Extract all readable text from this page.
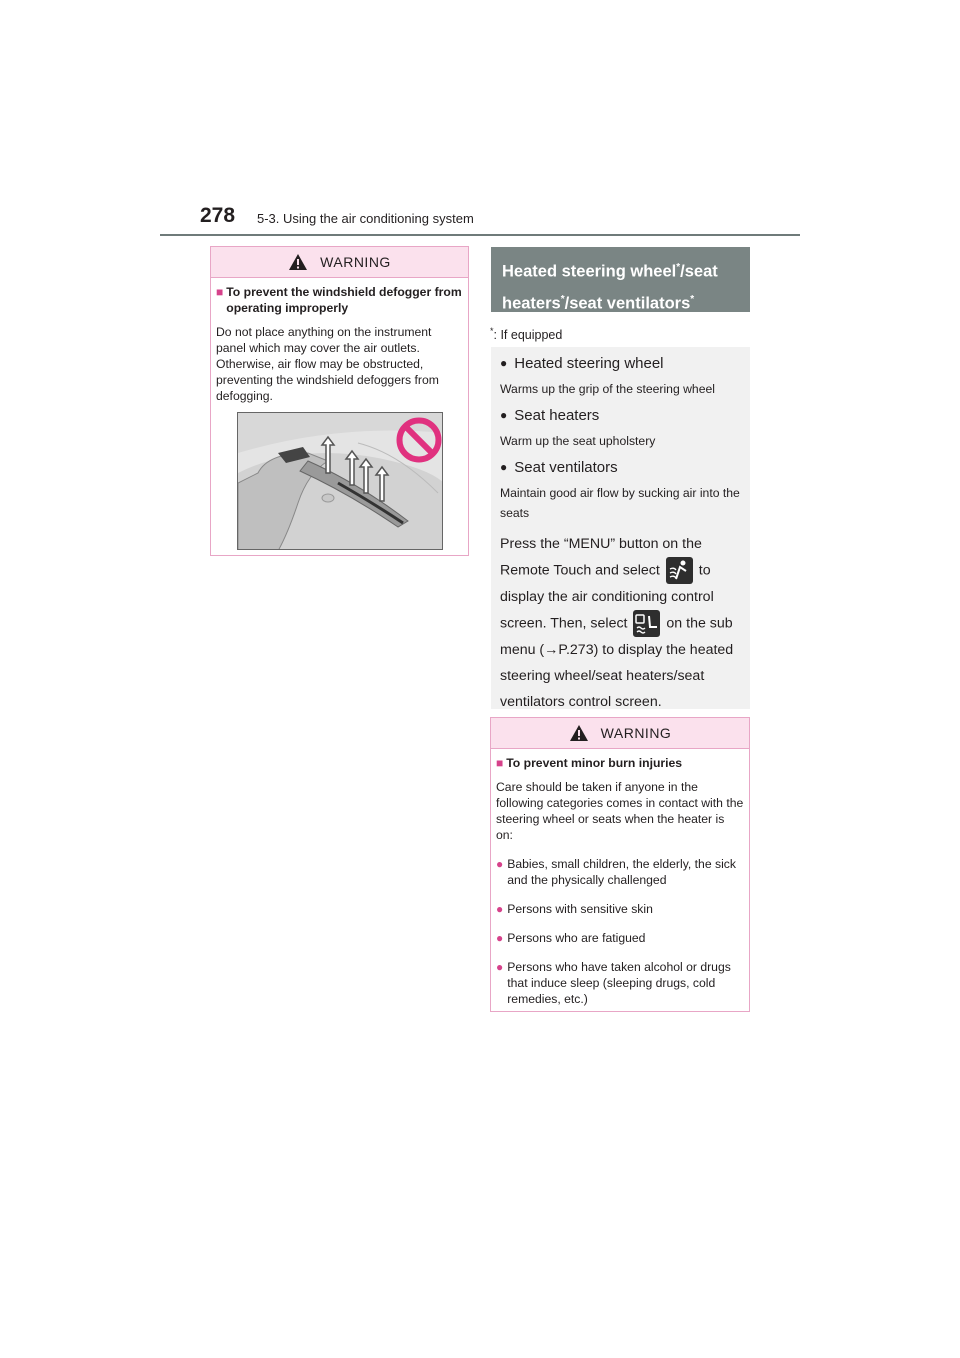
278 5-3. Using the air conditioning system
WARNING
■ To prevent the windshield defogger from operating improperly
Do not place anything on the instrument panel which may cover the air outlets. Otherwise, air flow may be obstructed, preventing the windshield defoggers from defogging.
Heated steering wheel*/seat heaters*/seat ventilators*
*: If equipped
● Heated steering wheel
Warms up the grip of the steering wheel
● Seat heaters
Warm up the seat upholstery
● Seat ventilators
Maintain good air flow by sucking air into the seats
Press the “MENU” button on the Remote Touch and select	to display the air conditioning control screen. Then, select	on the sub menu (→P.273) to display the heated steering wheel/seat heaters/seat ventilators control screen.
WARNING
■ To prevent minor burn injuries
Care should be taken if anyone in the following categories comes in contact with the steering wheel or seats when the heater is on:
● Babies, small children, the elderly, the sick and the physically challenged
● Persons with sensitive skin
● Persons who are fatigued
● Persons who have taken alcohol or drugs that induce sleep (sleeping drugs, cold remedies, etc.)
